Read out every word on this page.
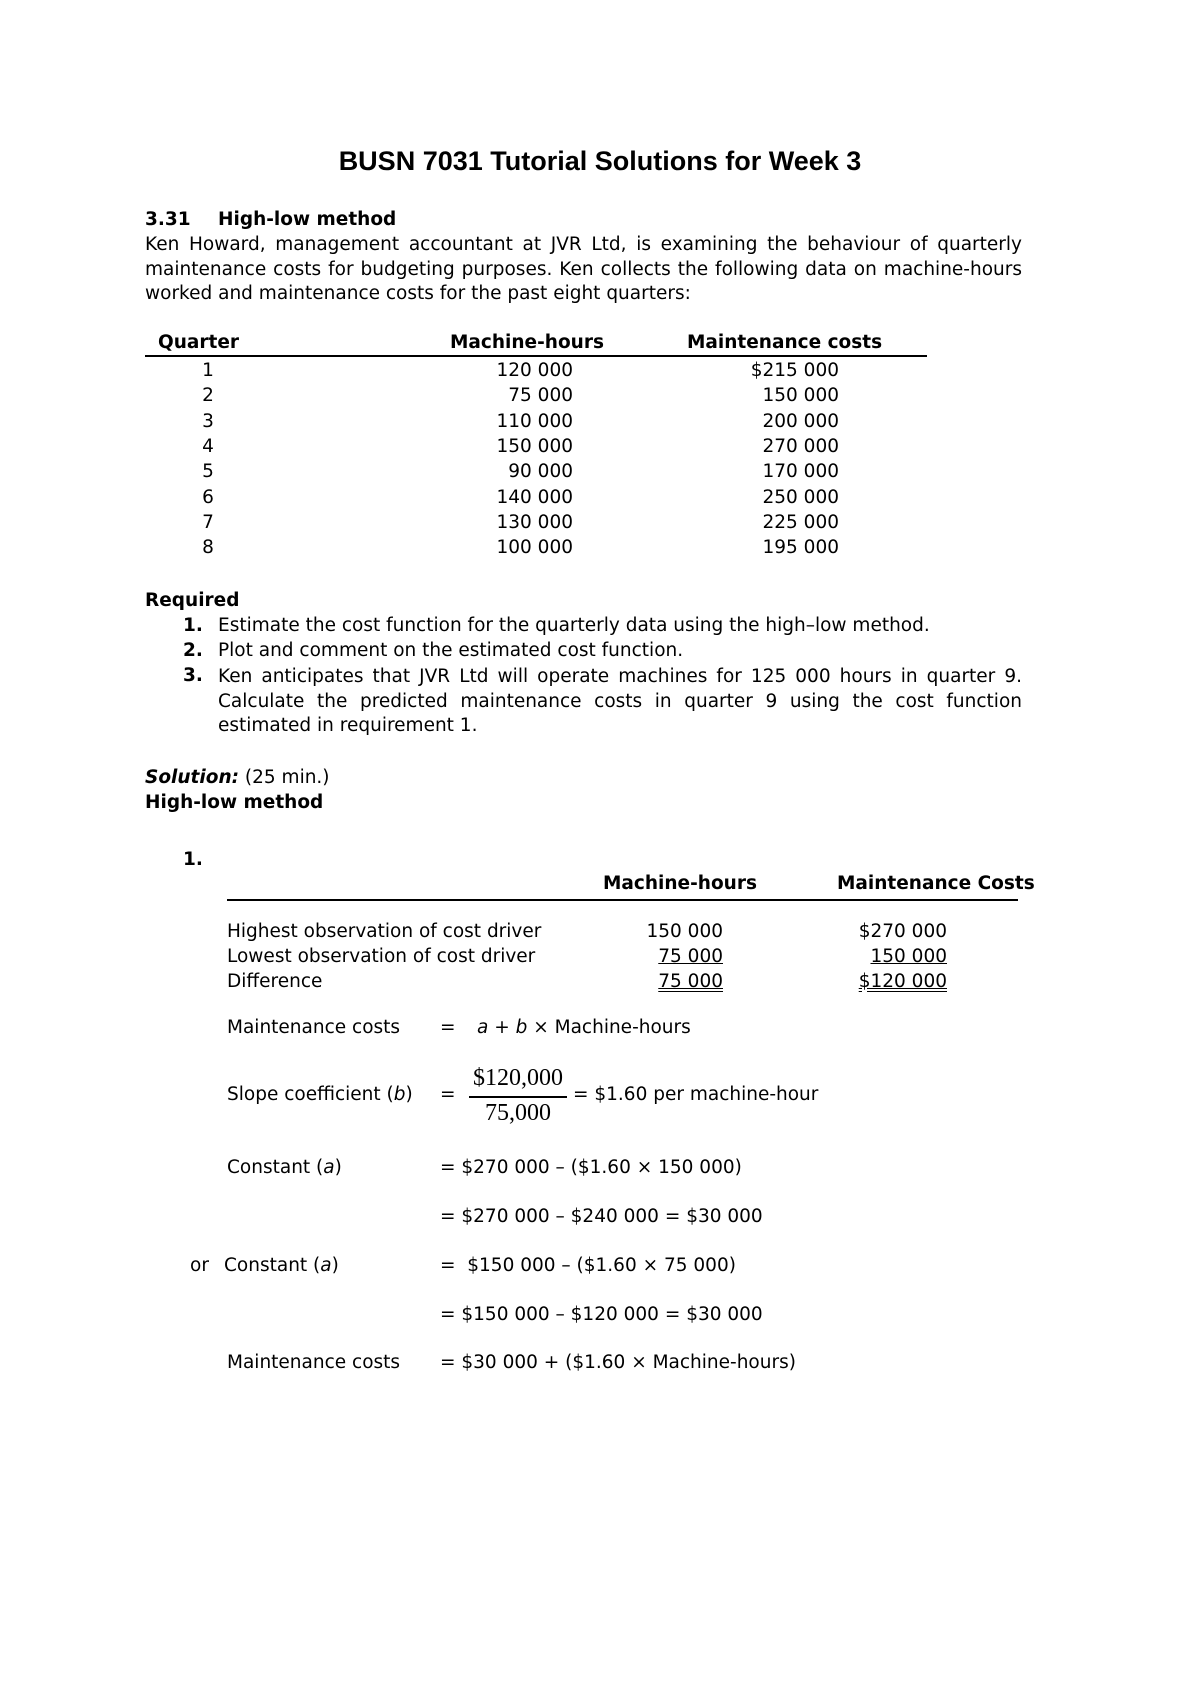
BUSN 7031 Tutorial Solutions for Week 3
3.31 High-low method
Ken Howard, management accountant at JVR Ltd, is examining the behaviour of quarterly maintenance costs for budgeting purposes. Ken collects the following data on machine-hours worked and maintenance costs for the past eight quarters:
Quarter	Machine-hours	Maintenance costs
1	120 000	$215 000
2	75 000	150 000
3	110 000	200 000
4	150 000	270 000
5	90 000	170 000
6	140 000	250 000
7	130 000	225 000
8	100 000	195 000
Required
1. Estimate the cost function for the quarterly data using the high–low method.
2. Plot and comment on the estimated cost function.
3. Ken anticipates that JVR Ltd will operate machines for 125 000 hours in quarter 9. Calculate the predicted maintenance costs in quarter 9 using the cost function estimated in requirement 1.
Solution: (25 min.)
High-low method
1.
Machine-hours	Maintenance Costs
Highest observation of cost driver	150 000	$270 000
Lowest observation of cost driver	75 000	150 000
Difference	75 000	$120 000
Maintenance costs = a + b × Machine-hours
Slope coefficient (b) =
$120,000
75,000
= $1.60 per machine-hour
Constant (a)	= $270 000 – ($1.60 × 150 000)
= $270 000 – $240 000 = $30 000
or Constant (a)	=  $150 000 – ($1.60 × 75 000)
= $150 000 – $120 000 = $30 000
Maintenance costs = $30 000 + ($1.60 × Machine-hours)
